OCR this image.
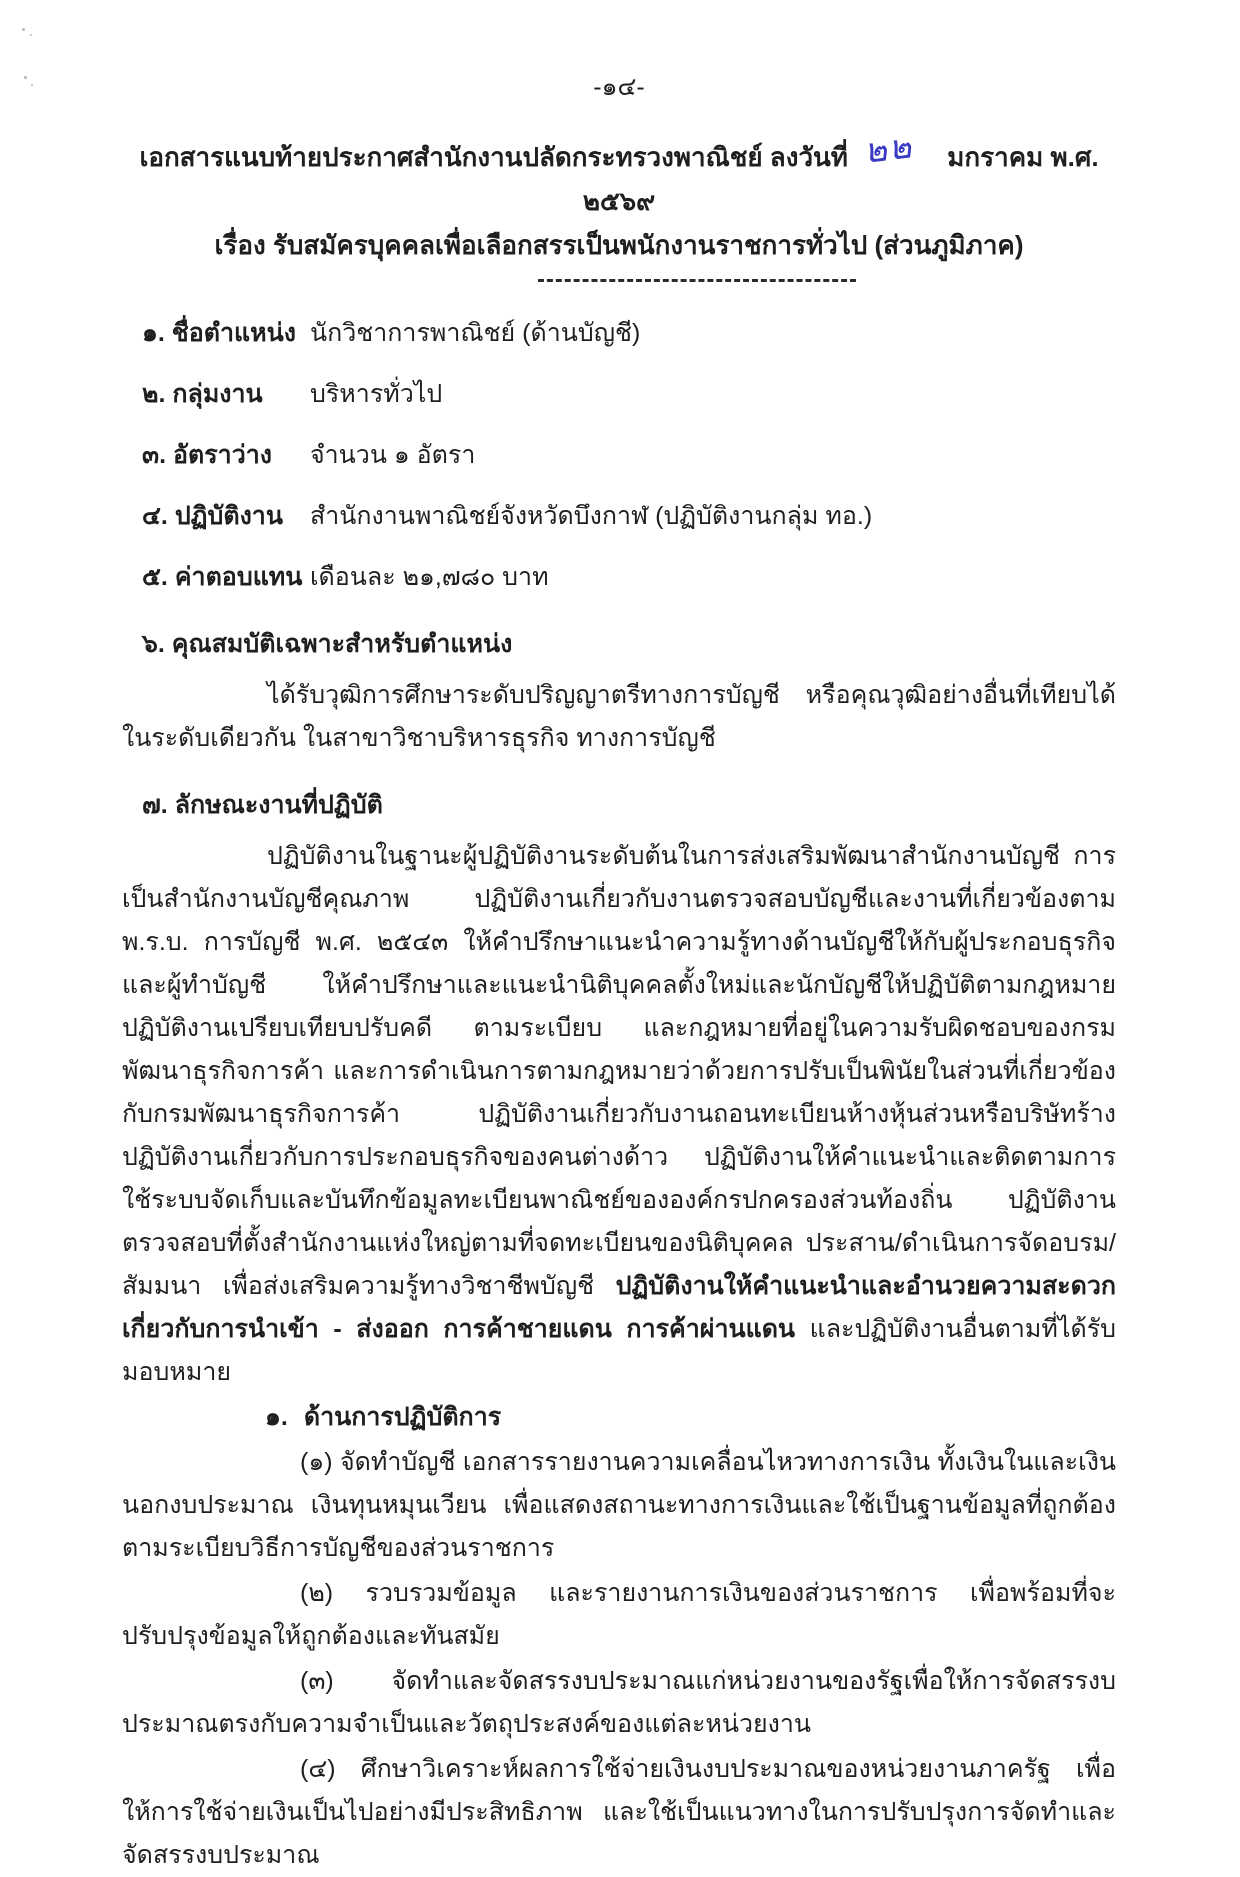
-๑๔-
เอกสารแนบท้ายประกาศสำนักงานปลัดกระทรวงพาณิชย์ ลงวันที่ ๒๒ มกราคม พ.ศ. ๒๕๖๙
เรื่อง รับสมัครบุคคลเพื่อเลือกสรรเป็นพนักงานราชการทั่วไป (ส่วนภูมิภาค)
๑. ชื่อตำแหน่ง นักวิชาการพาณิชย์ (ด้านบัญชี)
๒. กลุ่มงาน	บริหารทั่วไป
๓. อัตราว่าง	จำนวน ๑ อัตรา
๔. ปฏิบัติงาน	สำนักงานพาณิชย์จังหวัดบึงกาฬ (ปฏิบัติงานกลุ่ม ทอ.)
๕. ค่าตอบแทน เดือนละ ๒๑,๗๘๐ บาท
๖. คุณสมบัติเฉพาะสำหรับตำแหน่ง
ได้รับวุฒิการศึกษาระดับปริญญาตรีทางการบัญชี หรือคุณวุฒิอย่างอื่นที่เทียบได้ในระดับเดียวกัน ในสาขาวิชาบริหารธุรกิจ ทางการบัญชี
๗. ลักษณะงานที่ปฏิบัติ
ปฏิบัติงานในฐานะผู้ปฏิบัติงานระดับต้นในการส่งเสริมพัฒนาสำนักงานบัญชี การเป็นสำนักงานบัญชีคุณภาพ ปฏิบัติงานเกี่ยวกับงานตรวจสอบบัญชีและงานที่เกี่ยวข้องตาม พ.ร.บ. การบัญชี พ.ศ. ๒๕๔๓ ให้คำปรึกษาแนะนำความรู้ทางด้านบัญชีให้กับผู้ประกอบธุรกิจและผู้ทำบัญชี ให้คำปรึกษาและแนะนำนิติบุคคลตั้งใหม่และนักบัญชีให้ปฏิบัติตามกฎหมาย ปฏิบัติงานเปรียบเทียบปรับคดี ตามระเบียบ และกฎหมายที่อยู่ในความรับผิดชอบของกรมพัฒนาธุรกิจการค้า และการดำเนินการตามกฎหมายว่าด้วยการปรับเป็นพินัยในส่วนที่เกี่ยวข้องกับกรมพัฒนาธุรกิจการค้า ปฏิบัติงานเกี่ยวกับงานถอนทะเบียนห้างหุ้นส่วนหรือบริษัทร้าง ปฏิบัติงานเกี่ยวกับการประกอบธุรกิจของคนต่างด้าว ปฏิบัติงานให้คำแนะนำและติดตามการใช้ระบบจัดเก็บและบันทึกข้อมูลทะเบียนพาณิชย์ขององค์กรปกครองส่วนท้องถิ่น ปฏิบัติงานตรวจสอบที่ตั้งสำนักงานแห่งใหญ่ตามที่จดทะเบียนของนิติบุคคล ประสาน/ดำเนินการจัดอบรม/สัมมนา เพื่อส่งเสริมความรู้ทางวิชาชีพบัญชี ปฏิบัติงานให้คำแนะนำและอำนวยความสะดวกเกี่ยวกับการนำเข้า - ส่งออก การค้าชายแดน การค้าผ่านแดน และปฏิบัติงานอื่นตามที่ได้รับมอบหมาย
๑. ด้านการปฏิบัติการ
(๑) จัดทำบัญชี เอกสารรายงานความเคลื่อนไหวทางการเงิน ทั้งเงินในและเงินนอกงบประมาณ เงินทุนหมุนเวียน เพื่อแสดงสถานะทางการเงินและใช้เป็นฐานข้อมูลที่ถูกต้องตามระเบียบวิธีการบัญชีของส่วนราชการ
(๒) รวบรวมข้อมูล และรายงานการเงินของส่วนราชการ เพื่อพร้อมที่จะปรับปรุงข้อมูลให้ถูกต้องและทันสมัย
(๓) จัดทำและจัดสรรงบประมาณแก่หน่วยงานของรัฐเพื่อให้การจัดสรรงบประมาณตรงกับความจำเป็นและวัตถุประสงค์ของแต่ละหน่วยงาน
(๔) ศึกษาวิเคราะห์ผลการใช้จ่ายเงินงบประมาณของหน่วยงานภาครัฐ เพื่อให้การใช้จ่ายเงินเป็นไปอย่างมีประสิทธิภาพ และใช้เป็นแนวทางในการปรับปรุงการจัดทำและจัดสรรงบประมาณ
